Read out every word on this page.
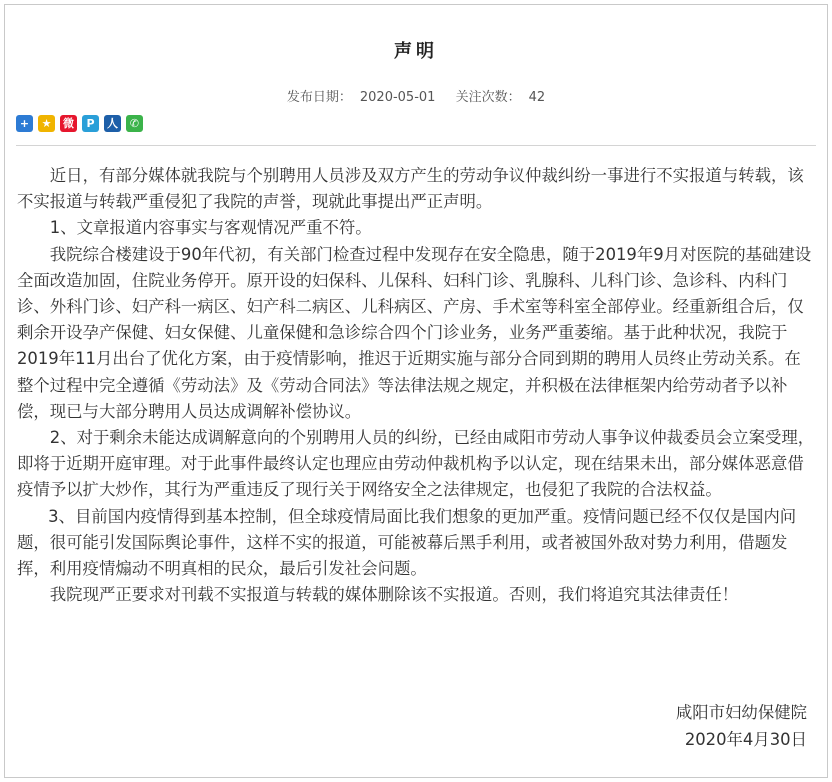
声明
发布日期： 2020-05-01 关注次数： 42
+	★	微	P	人	✆

近日，有部分媒体就我院与个别聘用人员涉及双方产生的劳动争议仲裁纠纷一事进行不实报道与转载，该不实报道与转载严重侵犯了我院的声誉，现就此事提出严正声明。

1、文章报道内容事实与客观情况严重不符。

我院综合楼建设于90年代初，有关部门检查过程中发现存在安全隐患，随于2019年9月对医院的基础建设全面改造加固，住院业务停开。原开设的妇保科、儿保科、妇科门诊、乳腺科、儿科门诊、急诊科、内科门诊、外科门诊、妇产科一病区、妇产科二病区、儿科病区、产房、手术室等科室全部停业。经重新组合后，仅剩余开设孕产保健、妇女保健、儿童保健和急诊综合四个门诊业务，业务严重萎缩。基于此种状况，我院于2019年11月出台了优化方案，由于疫情影响，推迟于近期实施与部分合同到期的聘用人员终止劳动关系。在整个过程中完全遵循《劳动法》及《劳动合同法》等法律法规之规定，并积极在法律框架内给劳动者予以补偿，现已与大部分聘用人员达成调解补偿协议。

2、对于剩余未能达成调解意向的个别聘用人员的纠纷，已经由咸阳市劳动人事争议仲裁委员会立案受理，即将于近期开庭审理。对于此事件最终认定也理应由劳动仲裁机构予以认定，现在结果未出，部分媒体恶意借疫情予以扩大炒作，其行为严重违反了现行关于网络安全之法律规定，也侵犯了我院的合法权益。

3、目前国内疫情得到基本控制，但全球疫情局面比我们想象的更加严重。疫情问题已经不仅仅是国内问题，很可能引发国际舆论事件，这样不实的报道，可能被幕后黑手利用，或者被国外敌对势力利用，借题发挥，利用疫情煽动不明真相的民众，最后引发社会问题。

我院现严正要求对刊载不实报道与转载的媒体删除该不实报道。否则，我们将追究其法律责任！

咸阳市妇幼保健院
2020年4月30日
